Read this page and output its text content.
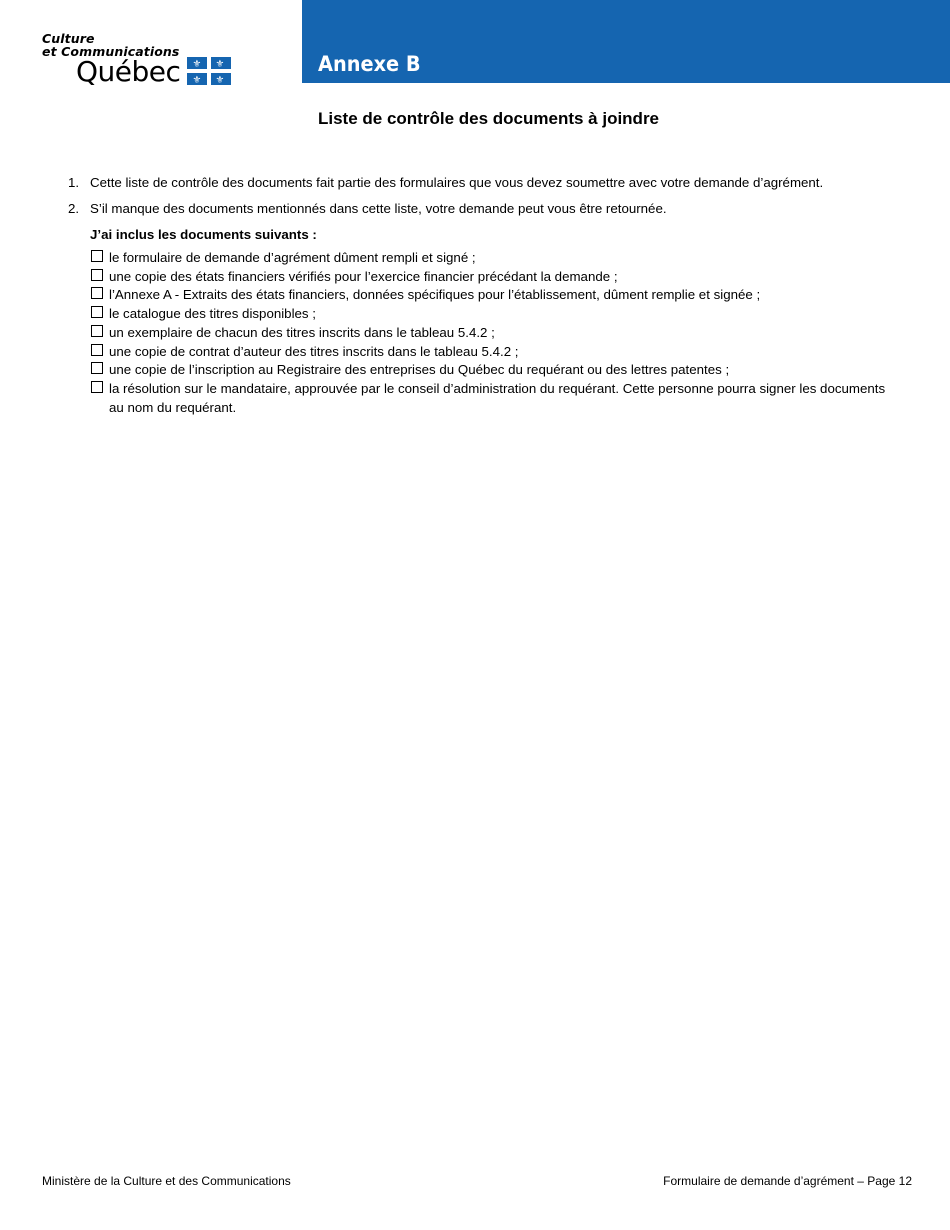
Culture
et Communications
Québec ⚜ ⚜
⚜ ⚜
Annexe B
Liste de contrôle des documents à joindre
1. Cette liste de contrôle des documents fait partie des formulaires que vous devez soumettre avec votre demande d’agrément.
2. S’il manque des documents mentionnés dans cette liste, votre demande peut vous être retournée.
J’ai inclus les documents suivants :
le formulaire de demande d’agrément dûment rempli et signé ;
une copie des états financiers vérifiés pour l’exercice financier précédant la demande ;
l’Annexe A - Extraits des états financiers, données spécifiques pour l’établissement, dûment remplie et signée ;
le catalogue des titres disponibles ;
un exemplaire de chacun des titres inscrits dans le tableau 5.4.2 ;
une copie de contrat d’auteur des titres inscrits dans le tableau 5.4.2 ;
une copie de l’inscription au Registraire des entreprises du Québec du requérant ou des lettres patentes ;
la résolution sur le mandataire, approuvée par le conseil d’administration du requérant. Cette personne pourra signer les documents au nom du requérant.
Ministère de la Culture et des Communications	Formulaire de demande d’agrément – Page 12
